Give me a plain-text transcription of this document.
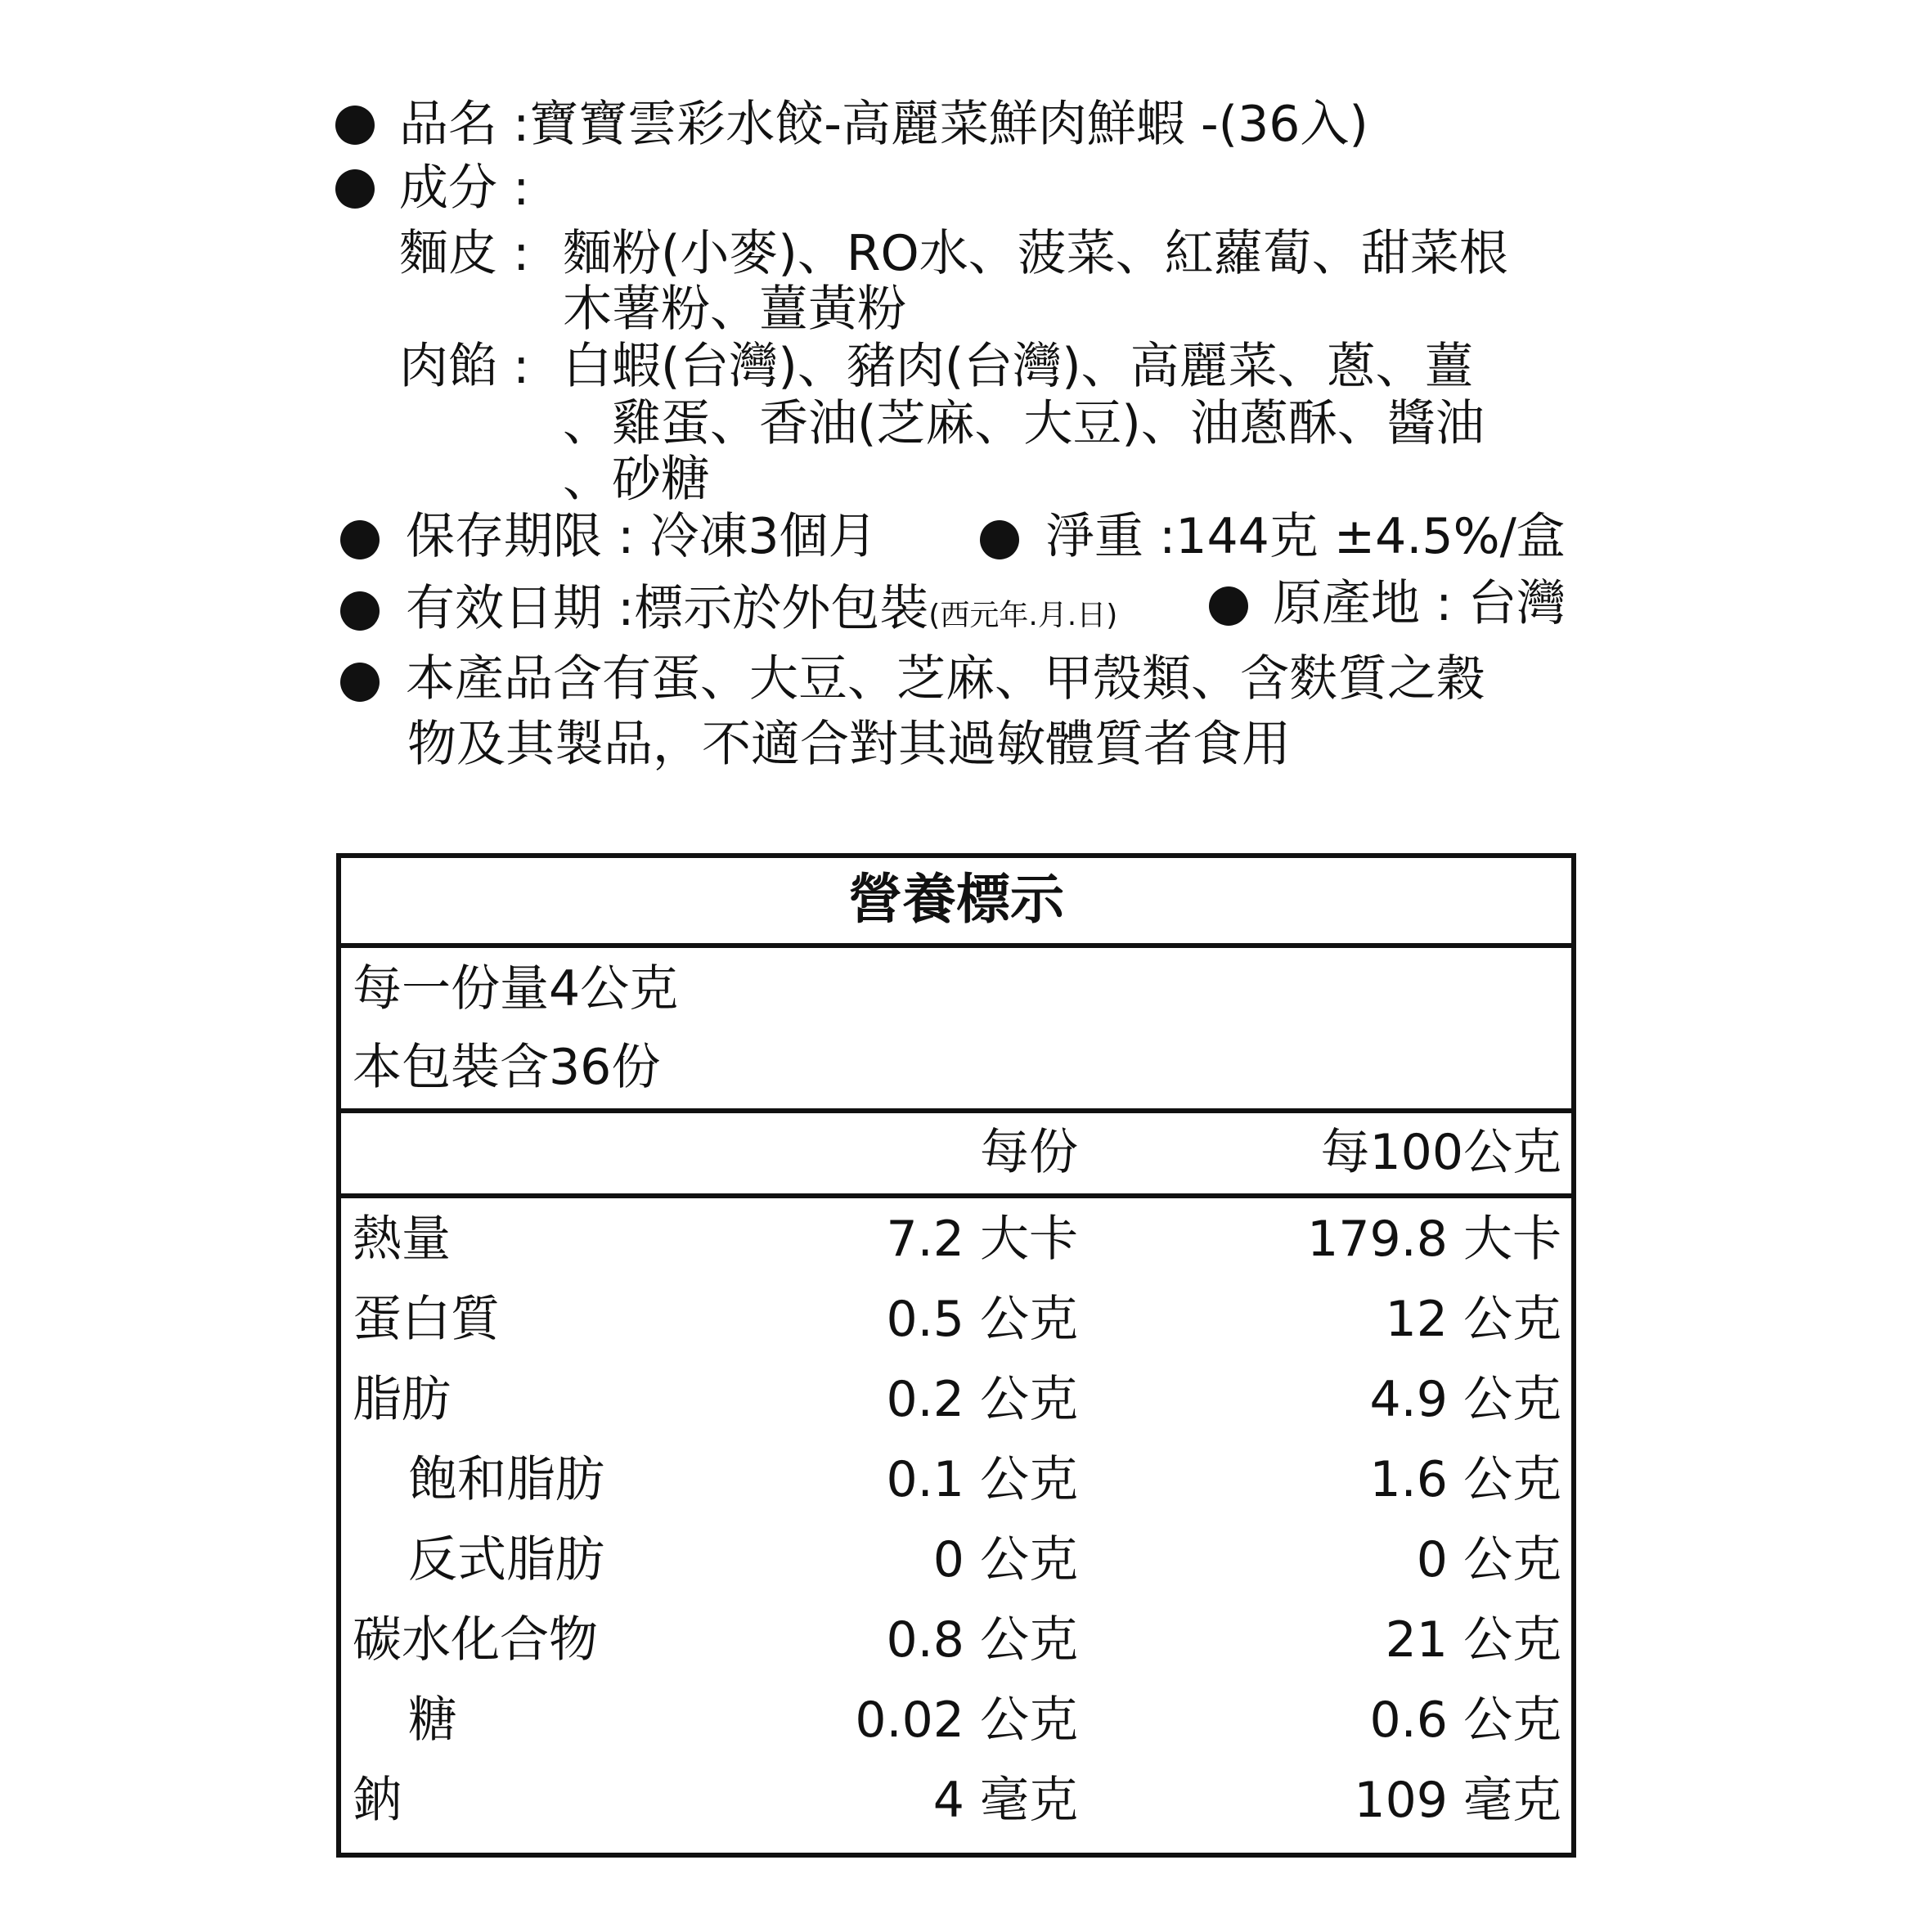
品名 :寶寶雲彩水餃-高麗菜鮮肉鮮蝦 -(36入)
成分 :
麵皮 : 麵粉(小麥)、RO水、菠菜、紅蘿蔔、甜菜根
木薯粉、薑黃粉
肉餡 : 白蝦(台灣)、豬肉(台灣)、高麗菜、蔥、薑
、雞蛋、香油(芝麻、大豆)、油蔥酥、醬油
、砂糖
保存期限 : 冷凍3個月	淨重 :144克 ±4.5%/盒
有效日期 :標示於外包裝(西元年.月.日)	原產地 : 台灣
本產品含有蛋、大豆、芝麻、甲殼類、含麩質之穀
物及其製品，不適合對其過敏體質者食用
營養標示
每一份量4公克
本包裝含36份
每份	每100公克
熱量	7.2 大卡	179.8 大卡
蛋白質	0.5 公克	12 公克
脂肪	0.2 公克	4.9 公克
飽和脂肪	0.1 公克	1.6 公克
反式脂肪	0 公克	0 公克
碳水化合物	0.8 公克	21 公克
糖	0.02 公克	0.6 公克
鈉	4 毫克	109 毫克
